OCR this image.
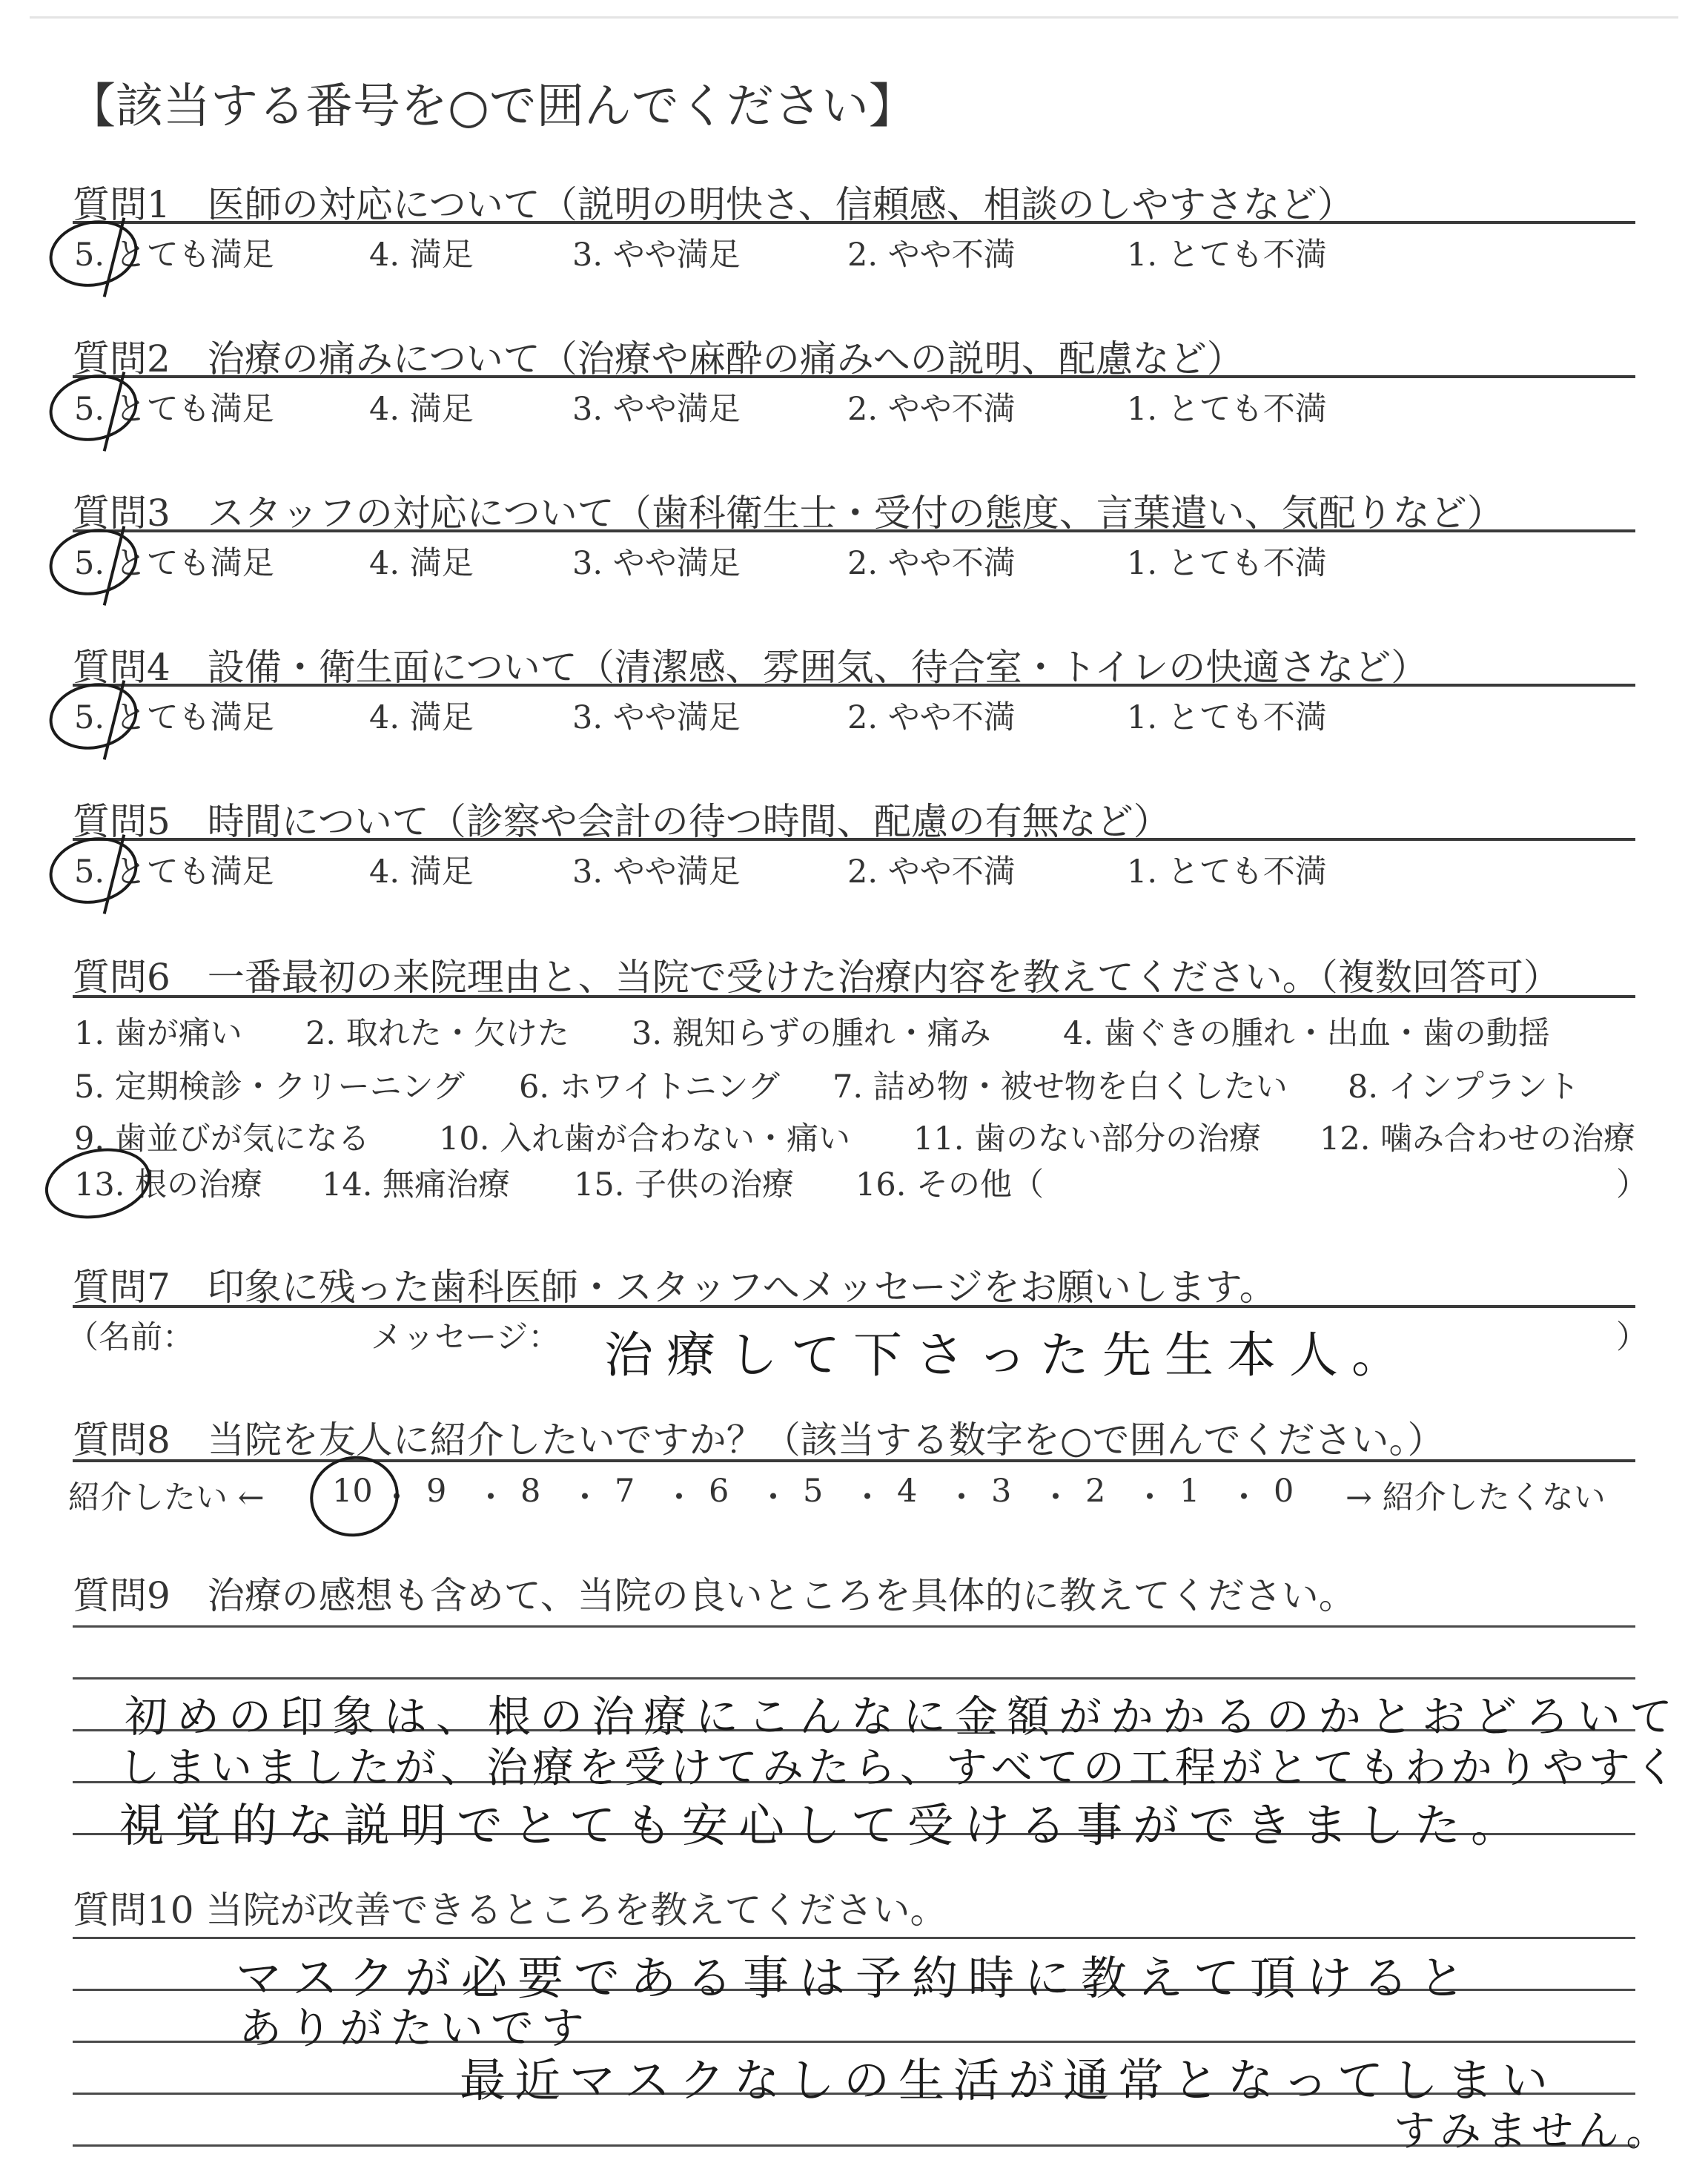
【該当する番号を○で囲んでください】
質問1　医師の対応について（説明の明快さ、信頼感、相談のしやすさなど）
5. とても満足	4. 満足	3. やや満足	2. やや不満	1. とても不満
質問2　治療の痛みについて（治療や麻酔の痛みへの説明、配慮など）
5. とても満足	4. 満足	3. やや満足	2. やや不満	1. とても不満
質問3　スタッフの対応について（歯科衛生士・受付の態度、言葉遣い、気配りなど）
5. とても満足	4. 満足	3. やや満足	2. やや不満	1. とても不満
質問4　設備・衛生面について（清潔感、雰囲気、待合室・トイレの快適さなど）
5. とても満足	4. 満足	3. やや満足	2. やや不満	1. とても不満
質問5　時間について（診察や会計の待つ時間、配慮の有無など）
5. とても満足	4. 満足	3. やや満足	2. やや不満	1. とても不満
質問6　一番最初の来院理由と、当院で受けた治療内容を教えてください。（複数回答可）
1. 歯が痛い 2. 取れた・欠けた 3. 親知らずの腫れ・痛み 4. 歯ぐきの腫れ・出血・歯の動揺
5. 定期検診・クリーニング 6. ホワイトニング 7. 詰め物・被せ物を白くしたい 8. インプラント
9. 歯並びが気になる 10. 入れ歯が合わない・痛い 11. 歯のない部分の治療 12. 噛み合わせの治療
13. 根の治療 14. 無痛治療 15. 子供の治療 16. その他（	）
質問7　印象に残った歯科医師・スタッフへメッセージをお願いします。
（名前：	メッセージ：	）
治療して下さった先生本人。
質問8　当院を友人に紹介したいですか？（該当する数字を○で囲んでください。）
紹介したい ←	→ 紹介したくない
10 ・ 9 ・ 8 ・ 7 ・ 6 ・ 5 ・ 4 ・ 3 ・ 2 ・ 1 ・ 0
質問9　治療の感想も含めて、当院の良いところを具体的に教えてください。
初めの印象は、根の治療にこんなに金額がかかるのかとおどろいて
しまいましたが、治療を受けてみたら、すべての工程がとてもわかりやすく
視覚的な説明でとても安心して受ける事ができました。
質問10 当院が改善できるところを教えてください。
マスクが必要である事は予約時に教えて頂けると
ありがたいです
最近マスクなしの生活が通常となってしまい
すみません。
